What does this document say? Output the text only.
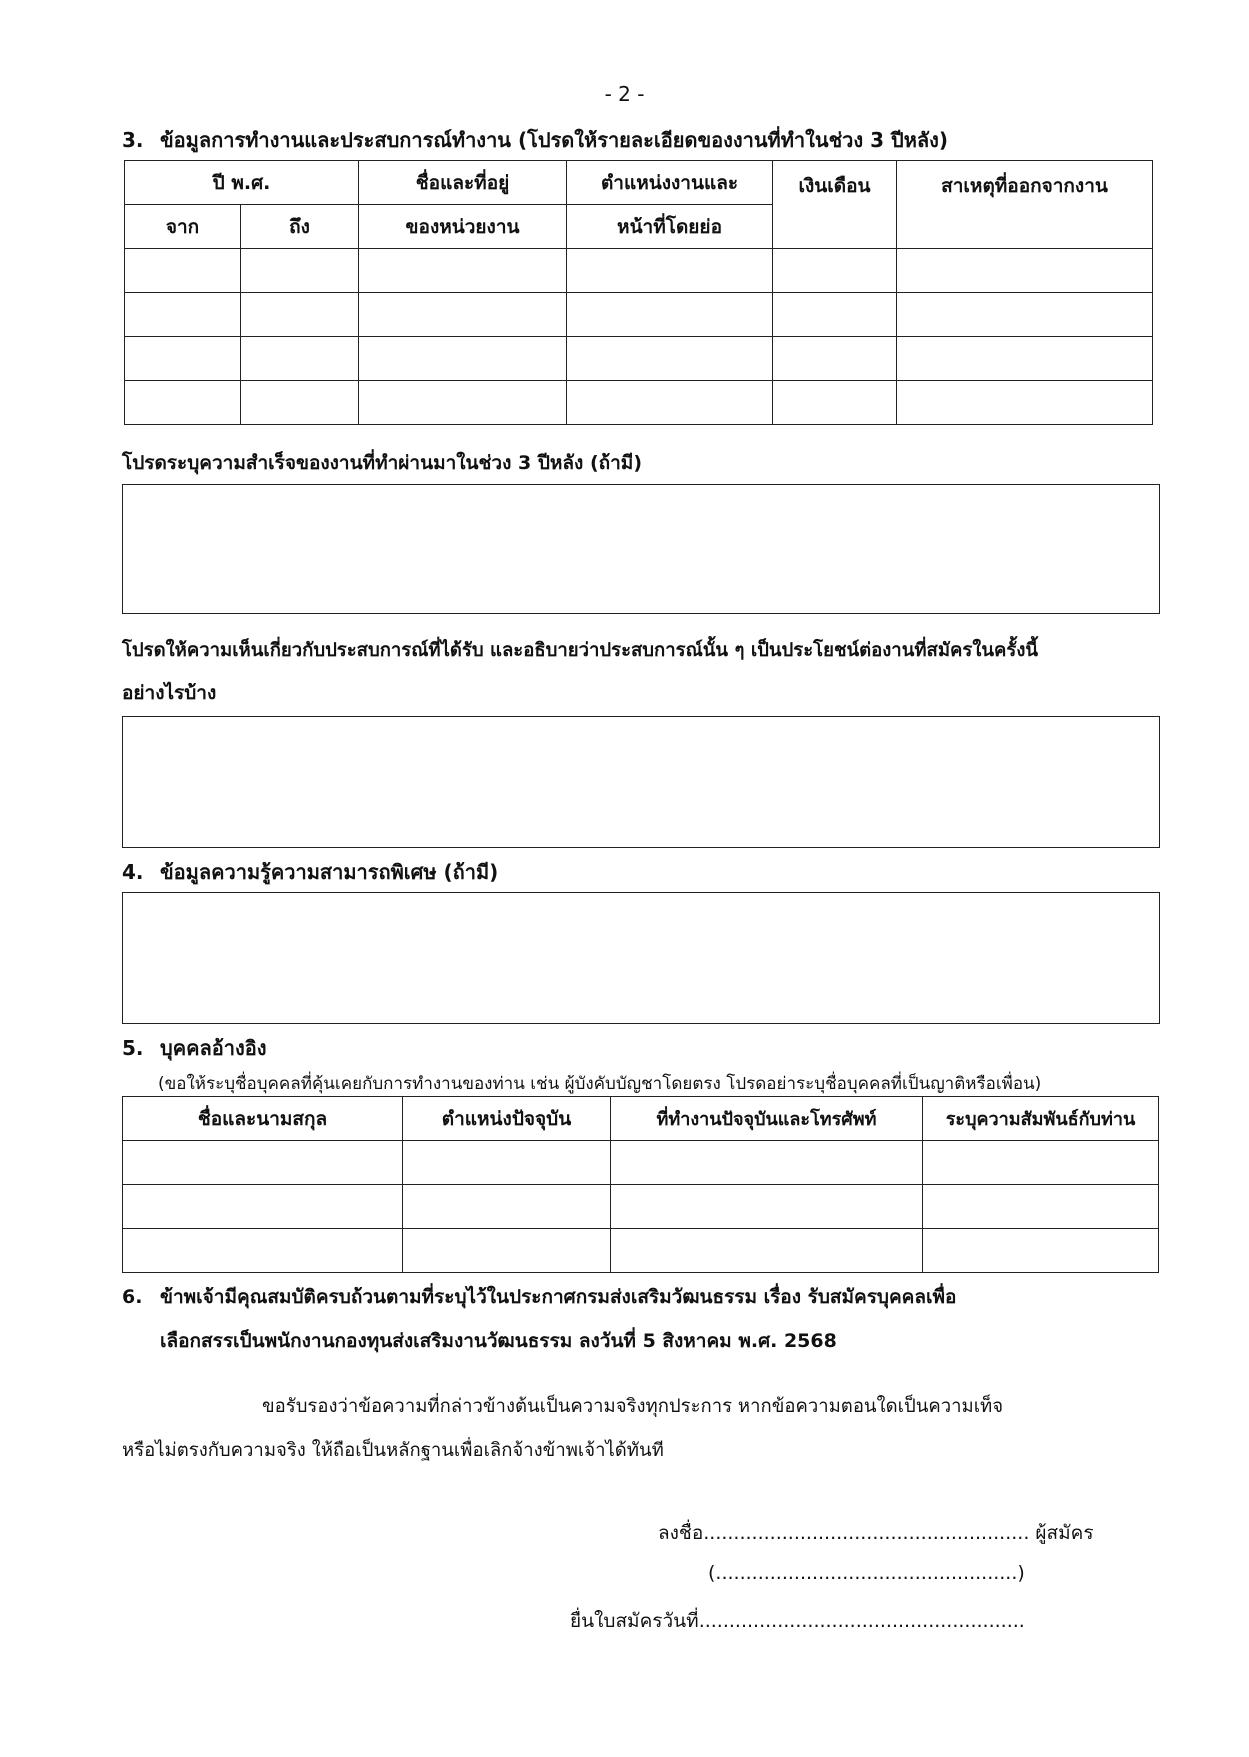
- 2 -
3. ข้อมูลการทำงานและประสบการณ์ทำงาน (โปรดให้รายละเอียดของงานที่ทำในช่วง 3 ปีหลัง)
ปี พ.ศ.		ชื่อและที่อยู่	ตำแหน่งงานและ	เงินเดือน	สาเหตุที่ออกจากงาน
จาก	ถึง	ของหน่วยงาน	หน้าที่โดยย่อ		

โปรดระบุความสำเร็จของงานที่ทำผ่านมาในช่วง 3 ปีหลัง (ถ้ามี)
โปรดให้ความเห็นเกี่ยวกับประสบการณ์ที่ได้รับ และอธิบายว่าประสบการณ์นั้น ๆ เป็นประโยชน์ต่องานที่สมัครในครั้งนี้
อย่างไรบ้าง
4. ข้อมูลความรู้ความสามารถพิเศษ (ถ้ามี)
5. บุคคลอ้างอิง
(ขอให้ระบุชื่อบุคคลที่คุ้นเคยกับการทำงานของท่าน เช่น ผู้บังคับบัญชาโดยตรง โปรดอย่าระบุชื่อบุคคลที่เป็นญาติหรือเพื่อน)
ชื่อและนามสกุล	ตำแหน่งปัจจุบัน	ที่ทำงานปัจจุบันและโทรศัพท์	ระบุความสัมพันธ์กับท่าน

6. ข้าพเจ้ามีคุณสมบัติครบถ้วนตามที่ระบุไว้ในประกาศกรมส่งเสริมวัฒนธรรม เรื่อง รับสมัครบุคคลเพื่อ
เลือกสรรเป็นพนักงานกองทุนส่งเสริมงานวัฒนธรรม ลงวันที่ 5 สิงหาคม พ.ศ. 2568
ขอรับรองว่าข้อความที่กล่าวข้างต้นเป็นความจริงทุกประการ หากข้อความตอนใดเป็นความเท็จ
หรือไม่ตรงกับความจริง ให้ถือเป็นหลักฐานเพื่อเลิกจ้างข้าพเจ้าได้ทันที
ลงชื่อ...................................................... ผู้สมัคร
(..................................................)
ยื่นใบสมัครวันที่......................................................
